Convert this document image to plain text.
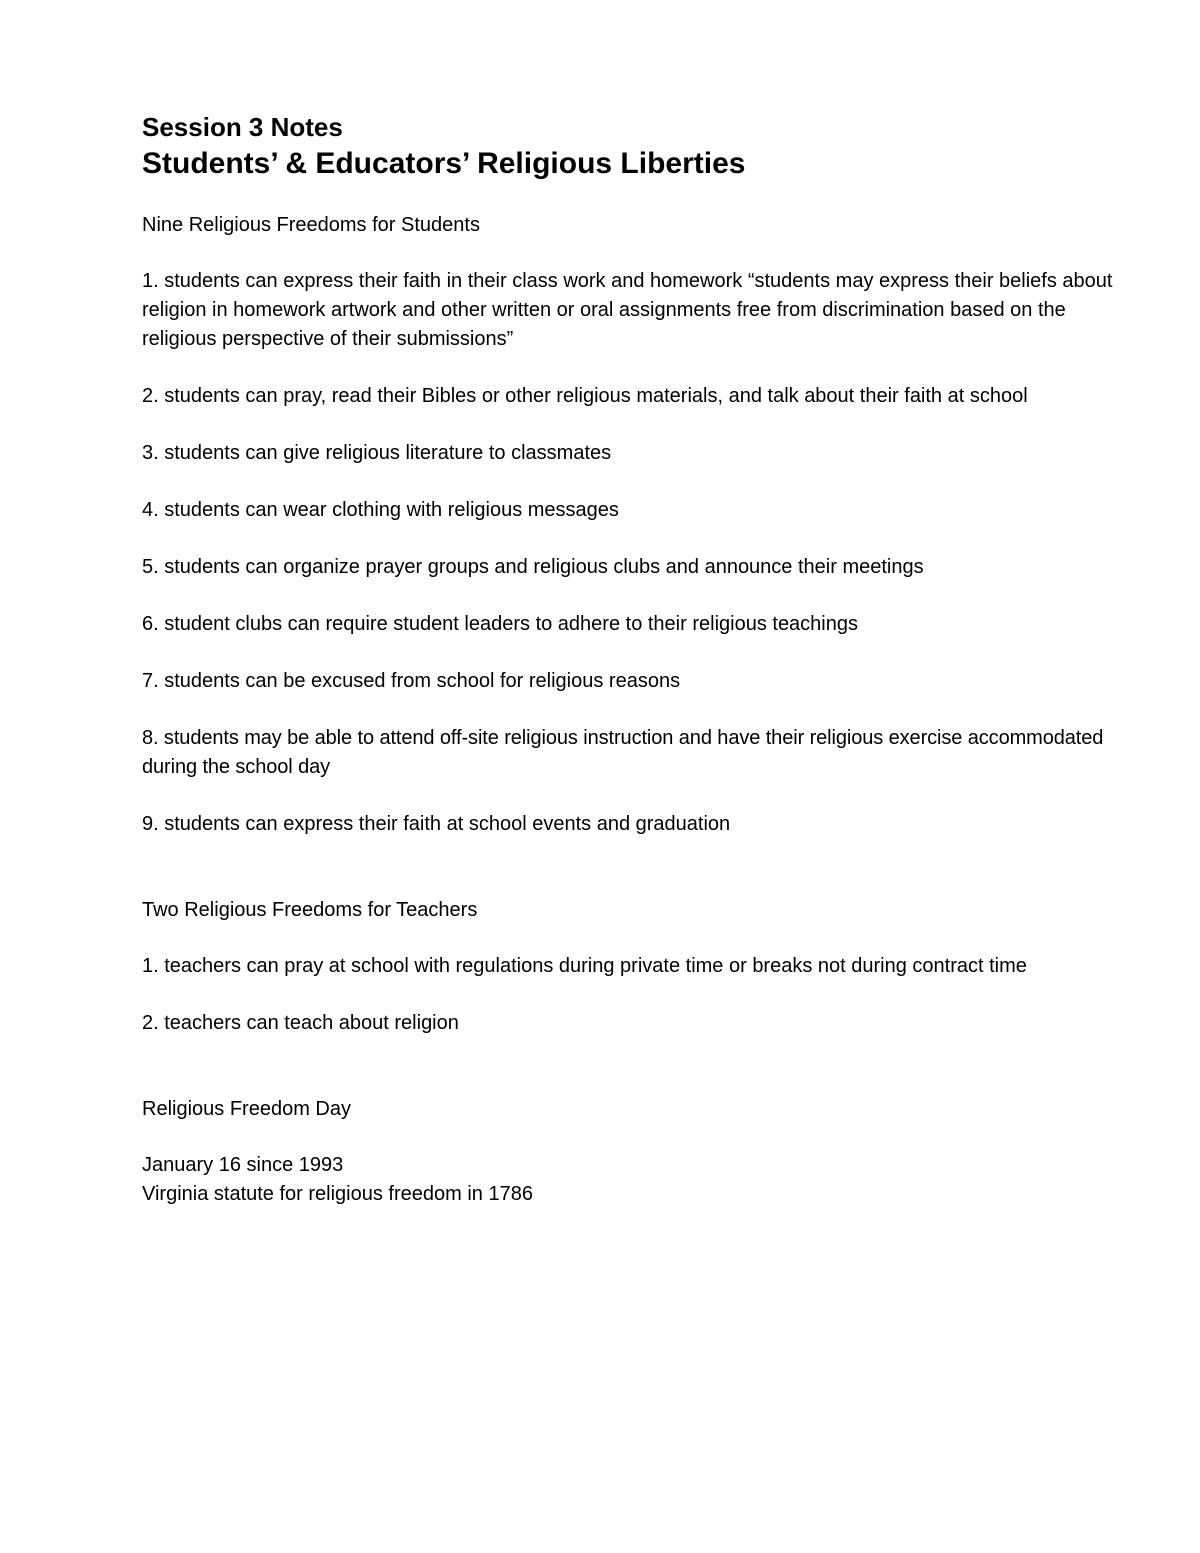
Session 3 Notes
Students’ & Educators’ Religious Liberties

Nine Religious Freedoms for Students

1. students can express their faith in their class work and homework “students may express their beliefs about religion in homework artwork and other written or oral assignments free from discrimination based on the religious perspective of their submissions”

2. students can pray, read their Bibles or other religious materials, and talk about their faith at school

3. students can give religious literature to classmates

4. students can wear clothing with religious messages

5. students can organize prayer groups and religious clubs and announce their meetings

6. student clubs can require student leaders to adhere to their religious teachings

7. students can be excused from school for religious reasons

8. students may be able to attend off-site religious instruction and have their religious exercise accommodated during the school day

9. students can express their faith at school events and graduation

Two Religious Freedoms for Teachers

1. teachers can pray at school with regulations during private time or breaks not during contract time

2. teachers can teach about religion

Religious Freedom Day

January 16 since 1993

Virginia statute for religious freedom in 1786
